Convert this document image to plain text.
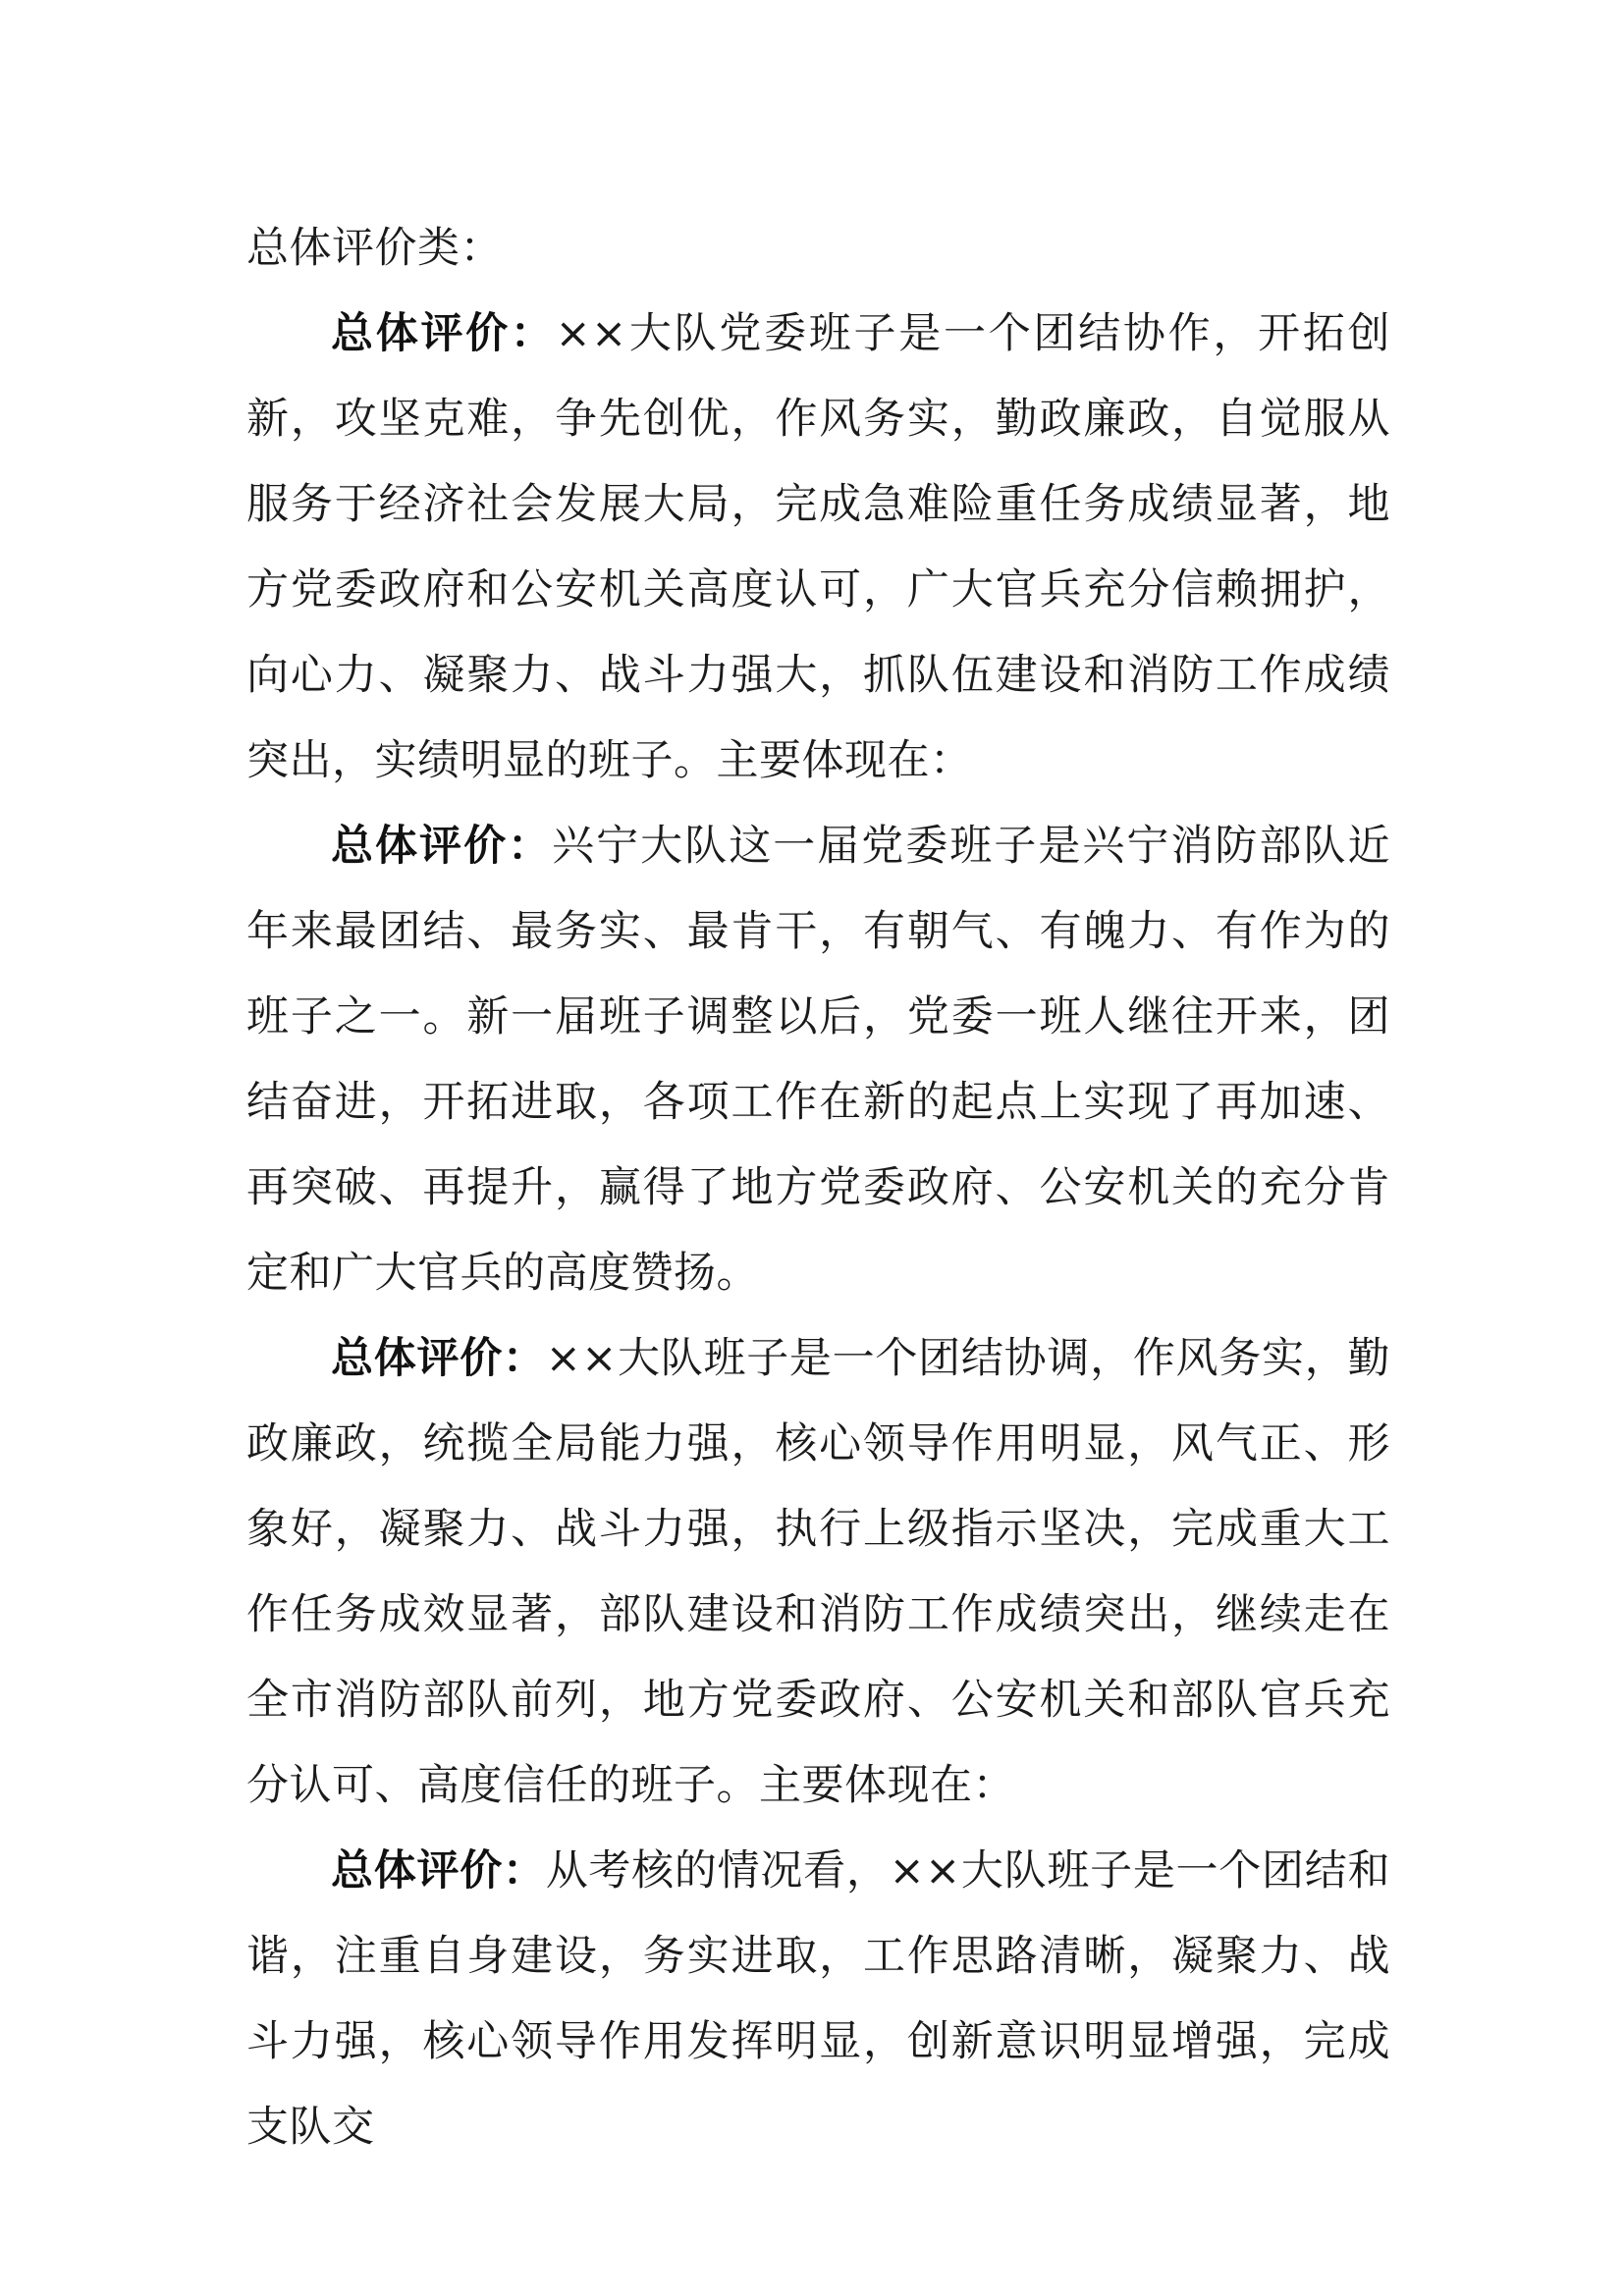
总体评价类：

总体评价：××大队党委班子是一个团结协作，开拓创新，攻坚克难，争先创优，作风务实，勤政廉政，自觉服从服务于经济社会发展大局，完成急难险重任务成绩显著，地方党委政府和公安机关高度认可，广大官兵充分信赖拥护，向心力、凝聚力、战斗力强大，抓队伍建设和消防工作成绩突出，实绩明显的班子。主要体现在：

总体评价：兴宁大队这一届党委班子是兴宁消防部队近年来最团结、最务实、最肯干，有朝气、有魄力、有作为的班子之一。新一届班子调整以后，党委一班人继往开来，团结奋进，开拓进取，各项工作在新的起点上实现了再加速、再突破、再提升，赢得了地方党委政府、公安机关的充分肯定和广大官兵的高度赞扬。

总体评价：××大队班子是一个团结协调，作风务实，勤政廉政，统揽全局能力强，核心领导作用明显，风气正、形象好，凝聚力、战斗力强，执行上级指示坚决，完成重大工作任务成效显著，部队建设和消防工作成绩突出，继续走在全市消防部队前列，地方党委政府、公安机关和部队官兵充分认可、高度信任的班子。主要体现在：

总体评价：从考核的情况看，××大队班子是一个团结和谐，注重自身建设，务实进取，工作思路清晰，凝聚力、战斗力强，核心领导作用发挥明显，创新意识明显增强，完成支队交
